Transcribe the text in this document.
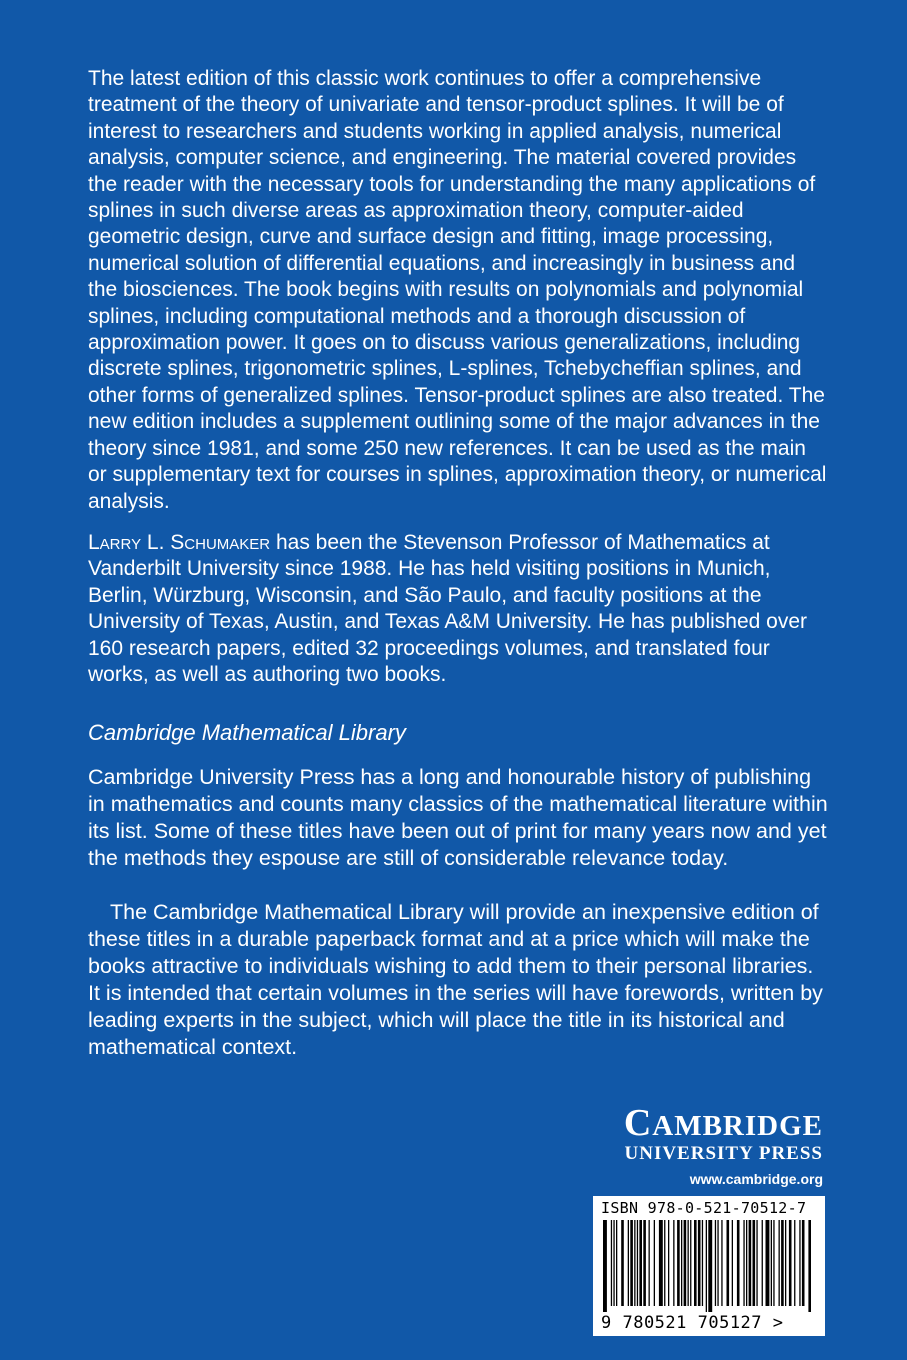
The latest edition of this classic work continues to offer a comprehensive treatment of the theory of univariate and tensor-product splines. It will be of interest to researchers and students working in applied analysis, numerical analysis, computer science, and engineering. The material covered provides the reader with the necessary tools for understanding the many applications of splines in such diverse areas as approximation theory, computer-aided geometric design, curve and surface design and fitting, image processing, numerical solution of differential equations, and increasingly in business and the biosciences. The book begins with results on polynomials and polynomial splines, including computational methods and a thorough discussion of approximation power. It goes on to discuss various generalizations, including discrete splines, trigonometric splines, L-splines, Tchebycheffian splines, and other forms of generalized splines. Tensor-product splines are also treated. The new edition includes a supplement outlining some of the major advances in the theory since 1981, and some 250 new references. It can be used as the main or supplementary text for courses in splines, approximation theory, or numerical analysis.

Larry L. Schumaker has been the Stevenson Professor of Mathematics at Vanderbilt University since 1988. He has held visiting positions in Munich, Berlin, Würzburg, Wisconsin, and São Paulo, and faculty positions at the University of Texas, Austin, and Texas A&M University. He has published over 160 research papers, edited 32 proceedings volumes, and translated four works, as well as authoring two books.

Cambridge Mathematical Library

Cambridge University Press has a long and honourable history of publishing in mathematics and counts many classics of the mathematical literature within its list. Some of these titles have been out of print for many years now and yet the methods they espouse are still of considerable relevance today.

The Cambridge Mathematical Library will provide an inexpensive edition of these titles in a durable paperback format and at a price which will make the books attractive to individuals wishing to add them to their personal libraries. It is intended that certain volumes in the series will have forewords, written by leading experts in the subject, which will place the title in its historical and mathematical context.

CAMBRIDGE
UNIVERSITY PRESS
www.cambridge.org
ISBN 978-0-521-70512-7
9 780521 705127 >
